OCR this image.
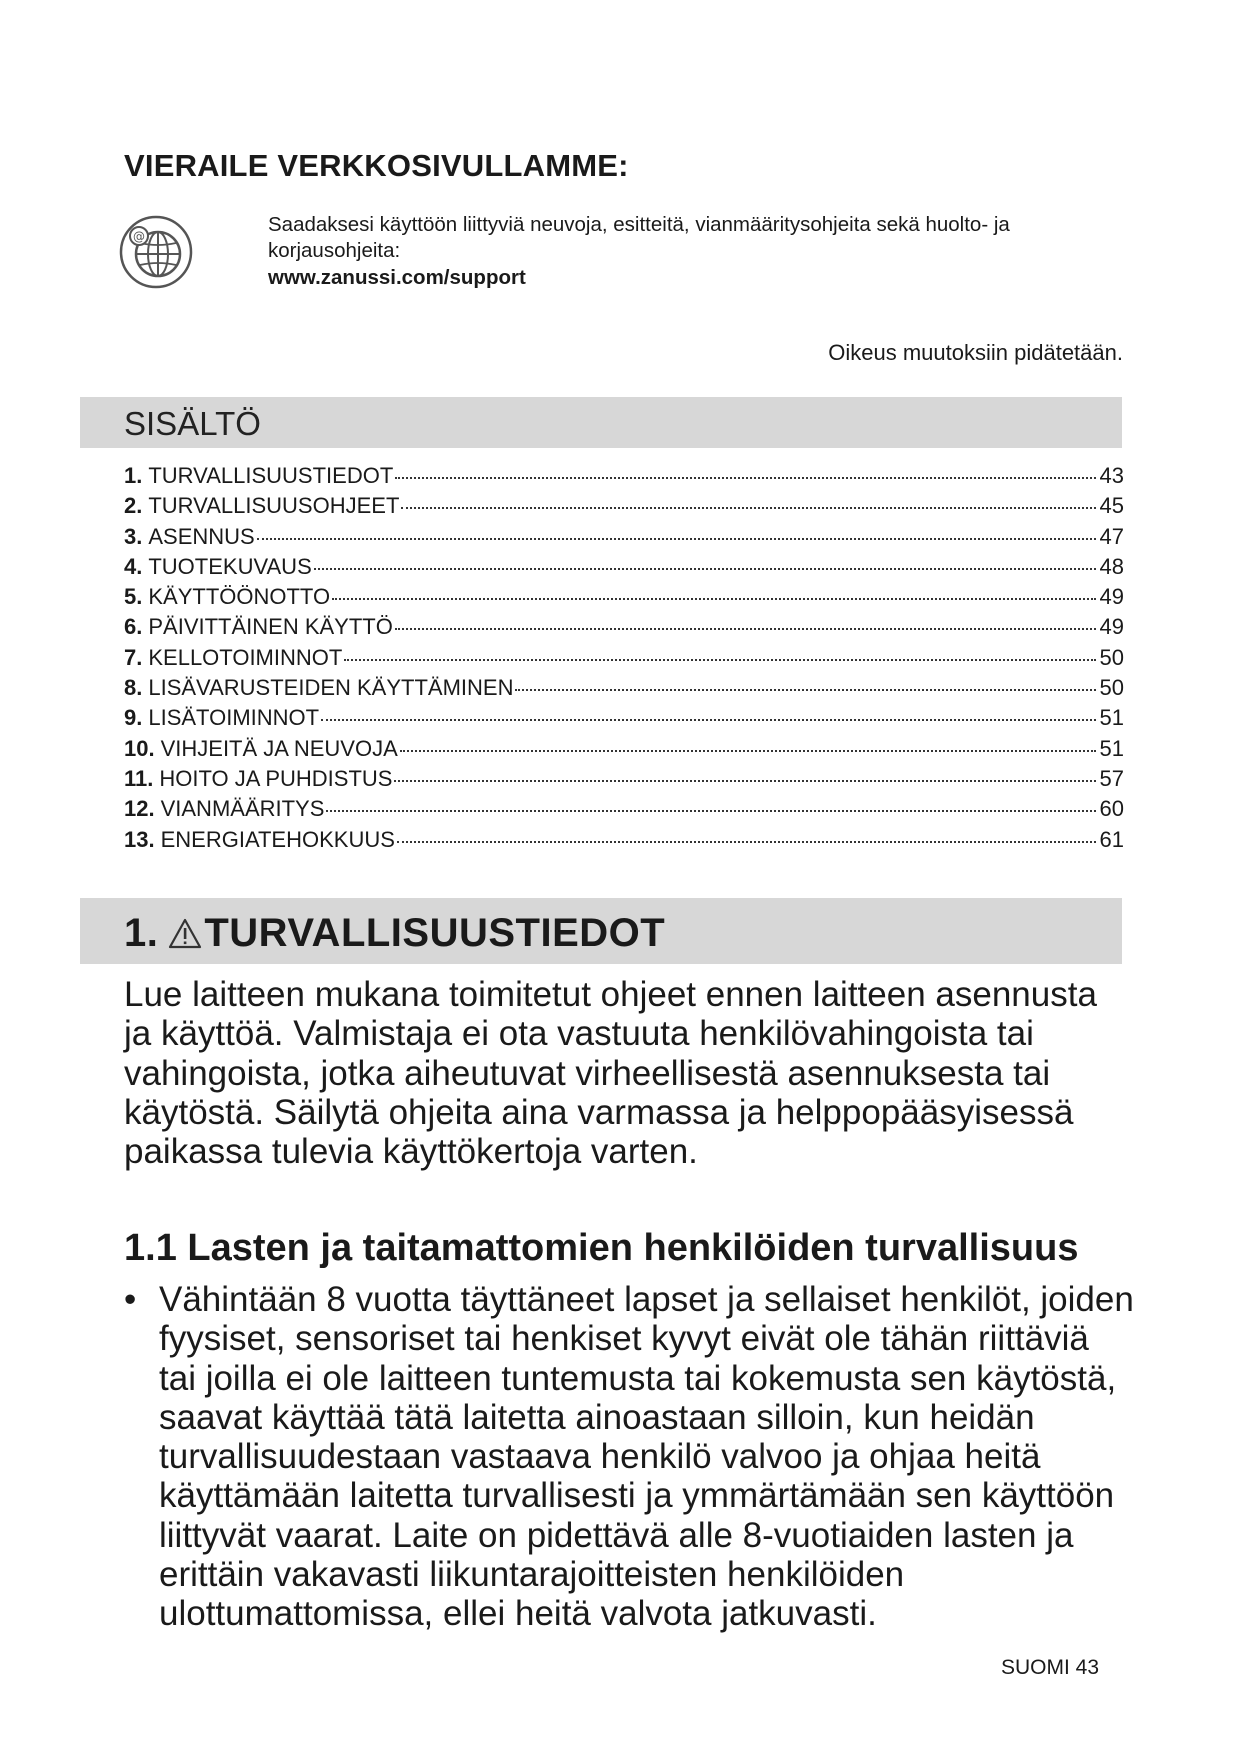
VIERAILE VERKKOSIVULLAMME:
@
Saadaksesi käyttöön liittyviä neuvoja, esitteitä, vianmääritysohjeita sekä huolto- ja korjausohjeita:
www.zanussi.com/support
Oikeus muutoksiin pidätetään.
SISÄLTÖ
1. TURVALLISUUSTIEDOT	43
2. TURVALLISUUSOHJEET	45
3. ASENNUS	47
4. TUOTEKUVAUS	48
5. KÄYTTÖÖNOTTO	49
6. PÄIVITTÄINEN KÄYTTÖ	49
7. KELLOTOIMINNOT	50
8. LISÄVARUSTEIDEN KÄYTTÄMINEN	50
9. LISÄTOIMINNOT	51
10. VIHJEITÄ JA NEUVOJA	51
11. HOITO JA PUHDISTUS	57
12. VIANMÄÄRITYS	60
13. ENERGIATEHOKKUUS	61
1. TURVALLISUUSTIEDOT
Lue laitteen mukana toimitetut ohjeet ennen laitteen asennusta ja käyttöä. Valmistaja ei ota vastuuta henkilövahingoista tai vahingoista, jotka aiheutuvat virheellisestä asennuksesta tai käytöstä. Säilytä ohjeita aina varmassa ja helppopääsyisessä paikassa tulevia käyttökertoja varten.
1.1 Lasten ja taitamattomien henkilöiden turvallisuus
• Vähintään 8 vuotta täyttäneet lapset ja sellaiset henkilöt, joiden fyysiset, sensoriset tai henkiset kyvyt eivät ole tähän riittäviä tai joilla ei ole laitteen tuntemusta tai kokemusta sen käytöstä, saavat käyttää tätä laitetta ainoastaan silloin, kun heidän turvallisuudestaan vastaava henkilö valvoo ja ohjaa heitä käyttämään laitetta turvallisesti ja ymmärtämään sen käyttöön liittyvät vaarat. Laite on pidettävä alle 8-vuotiaiden lasten ja erittäin vakavasti liikuntarajoitteisten henkilöiden ulottumattomissa, ellei heitä valvota jatkuvasti.
SUOMI 43
